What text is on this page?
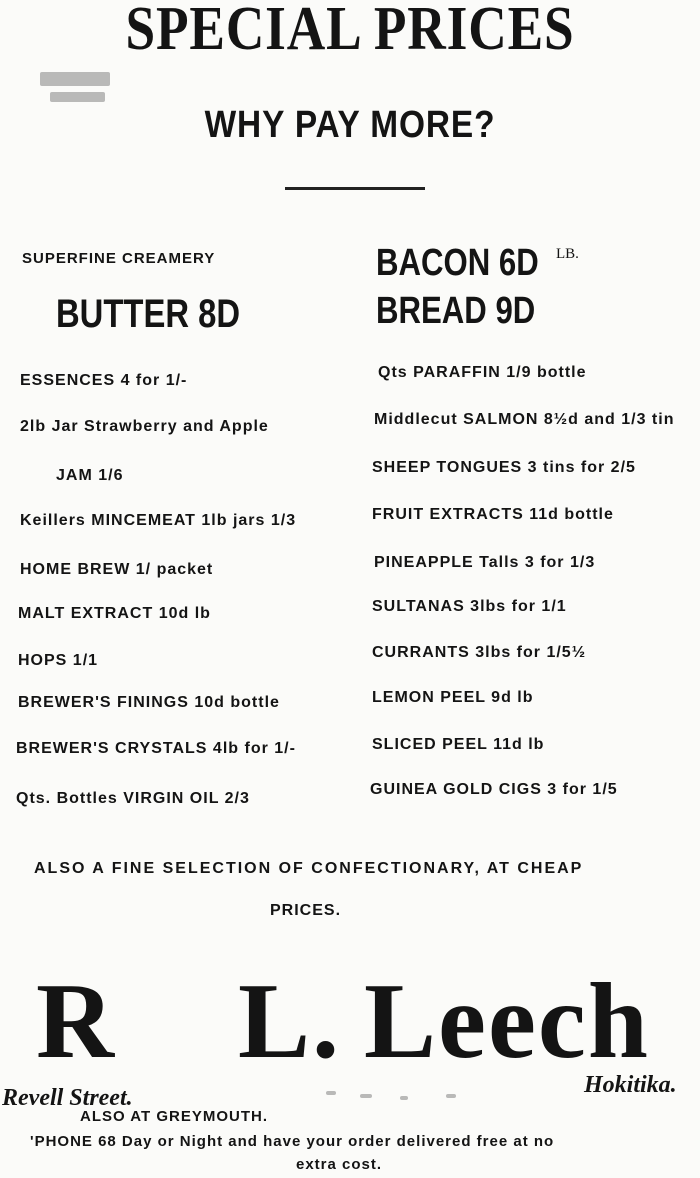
SPECIAL PRICES
WHY PAY MORE?
SUPERFINE CREAMERY
BUTTER 8D
ESSENCES 4 for 1/-
2lb Jar Strawberry and Apple
JAM 1/6
Keillers MINCEMEAT 1lb jars 1/3
HOME BREW 1/ packet
MALT EXTRACT 10d lb
HOPS 1/1
BREWER'S FININGS 10d bottle
BREWER'S CRYSTALS 4lb for 1/-
Qts. Bottles VIRGIN OIL 2/3
BACON 6D LB.
BREAD 9D
Qts PARAFFIN 1/9 bottle
Middlecut SALMON 8½d and 1/3 tin
SHEEP TONGUES 3 tins for 2/5
FRUIT EXTRACTS 11d bottle
PINEAPPLE Talls 3 for 1/3
SULTANAS 3lbs for 1/1
CURRANTS 3lbs for 1/5½
LEMON PEEL 9d lb
SLICED PEEL 11d lb
GUINEA GOLD CIGS 3 for 1/5
ALSO A FINE SELECTION OF CONFECTIONARY, AT CHEAP
PRICES.
R L. Leech
Revell Street.	Hokitika.
ALSO AT GREYMOUTH.
'PHONE 68 Day or Night and have your order delivered free at no
extra cost.
